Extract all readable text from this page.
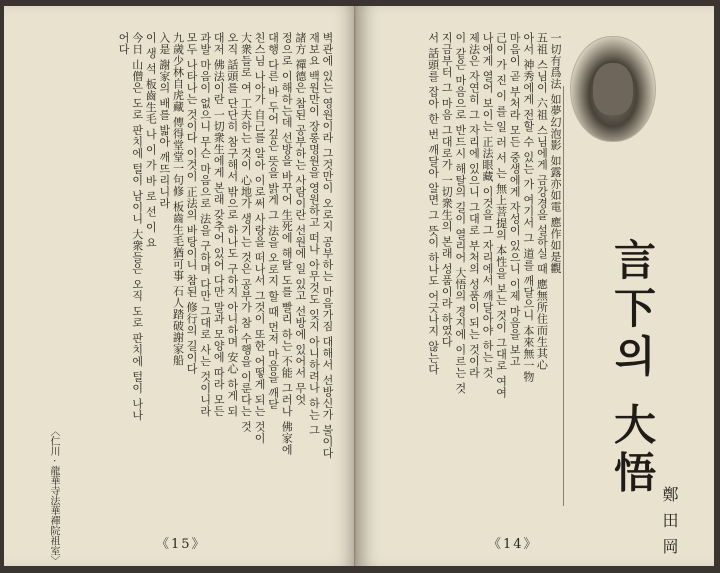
벽관에 있는 영원이라 그것만이 오로지 공부하는 마음가짐 대해서 선방신가 불이다
재보요 백원만이 장롱명원을 영원하고 떠나 아무것도 잊지 아니하려나 하는 그
諸方 禪德은 참된 공부하는 사람이란 선원에 일 있고 선방에 있어서 무엇
정으로 이해하는데 선방을 바꾸어 生死에 해탈 도를 빨리 하는 不能 그러나 佛家에
대행 다른 바 두어 깊은 뜻을 밝게 그 法을 오로지 할 때 먼저 마음을 깨닫
친스님 나아가 自己를 알아 이로써 사랑을 떠나서 그것이 또한 어떻게 되는 것이
大衆들로 여 工夫하는 것이 心地가 생기는 것은 공부가 참 수행을 이룬다는 것
오직 話頭를 단단히 참구해서 밖으로 하나도 구하지 아니하며 安心 하게 되
대저 佛法이란 一切衆生에게 본래 갖추어 있어 다만 말과 모양에 따라 모든
과발 마음이 없으니 무슨 마음으로 法을 구하며 다만 그대로 사는 것이니라
모두 나타나는 것이다 이것이 正法의 바탕이니 참된 修行의 길이다
九歲少林自虎藏 傳得堂堂一句修 板齒生毛猶可事 石人踏破謝家船
入是 謝家의 배를 밟아 깨뜨리니라
이 생 석 板齒生毛 나 이 가 바 로 선 이 요
今日 山僧은 도로 판치에 털이 남이니 大衆들은 오직 도로 판치에 털이 나나
어다
〈仁川 · 龍華寺法華禪院祖室〉	《15》
一切有爲法 如夢幻泡影 如露亦如電 應作如是觀
五祖 스님이 六祖 스님에게 금강경을 설하실 때 應無所住而生其心
아서 神秀에게 전할 수 있는 가 여기서 그 道를 깨달으니 本來無一物
마음이 곧 부처라 모든 중생에게 자성이 있으니 이제 마음을 보고
己이 가 진 이 를 일 러 서 는 無上菩提의 本性을 보는 것이 그대로 여여
나에게 열어 보이는 正法眼藏 이것을 그 자리에서 깨달아야 하는 것
제法은 자연히 그 자리에 있으니 그대로 부처의 성품이 되는 것이라
이 같은 마음으로 반드시 해탈의 길이 열리어 大悟의 경지에 이르는 것
지금부터 그 마음 그대로가 一切衆生의 본래 성품이라 하였다
서 話頭를 잡아 한 번 깨달아 알면 그 뜻이 하나도 어긋나지 않는다	言下의 大悟
鄭田岡
《14》
